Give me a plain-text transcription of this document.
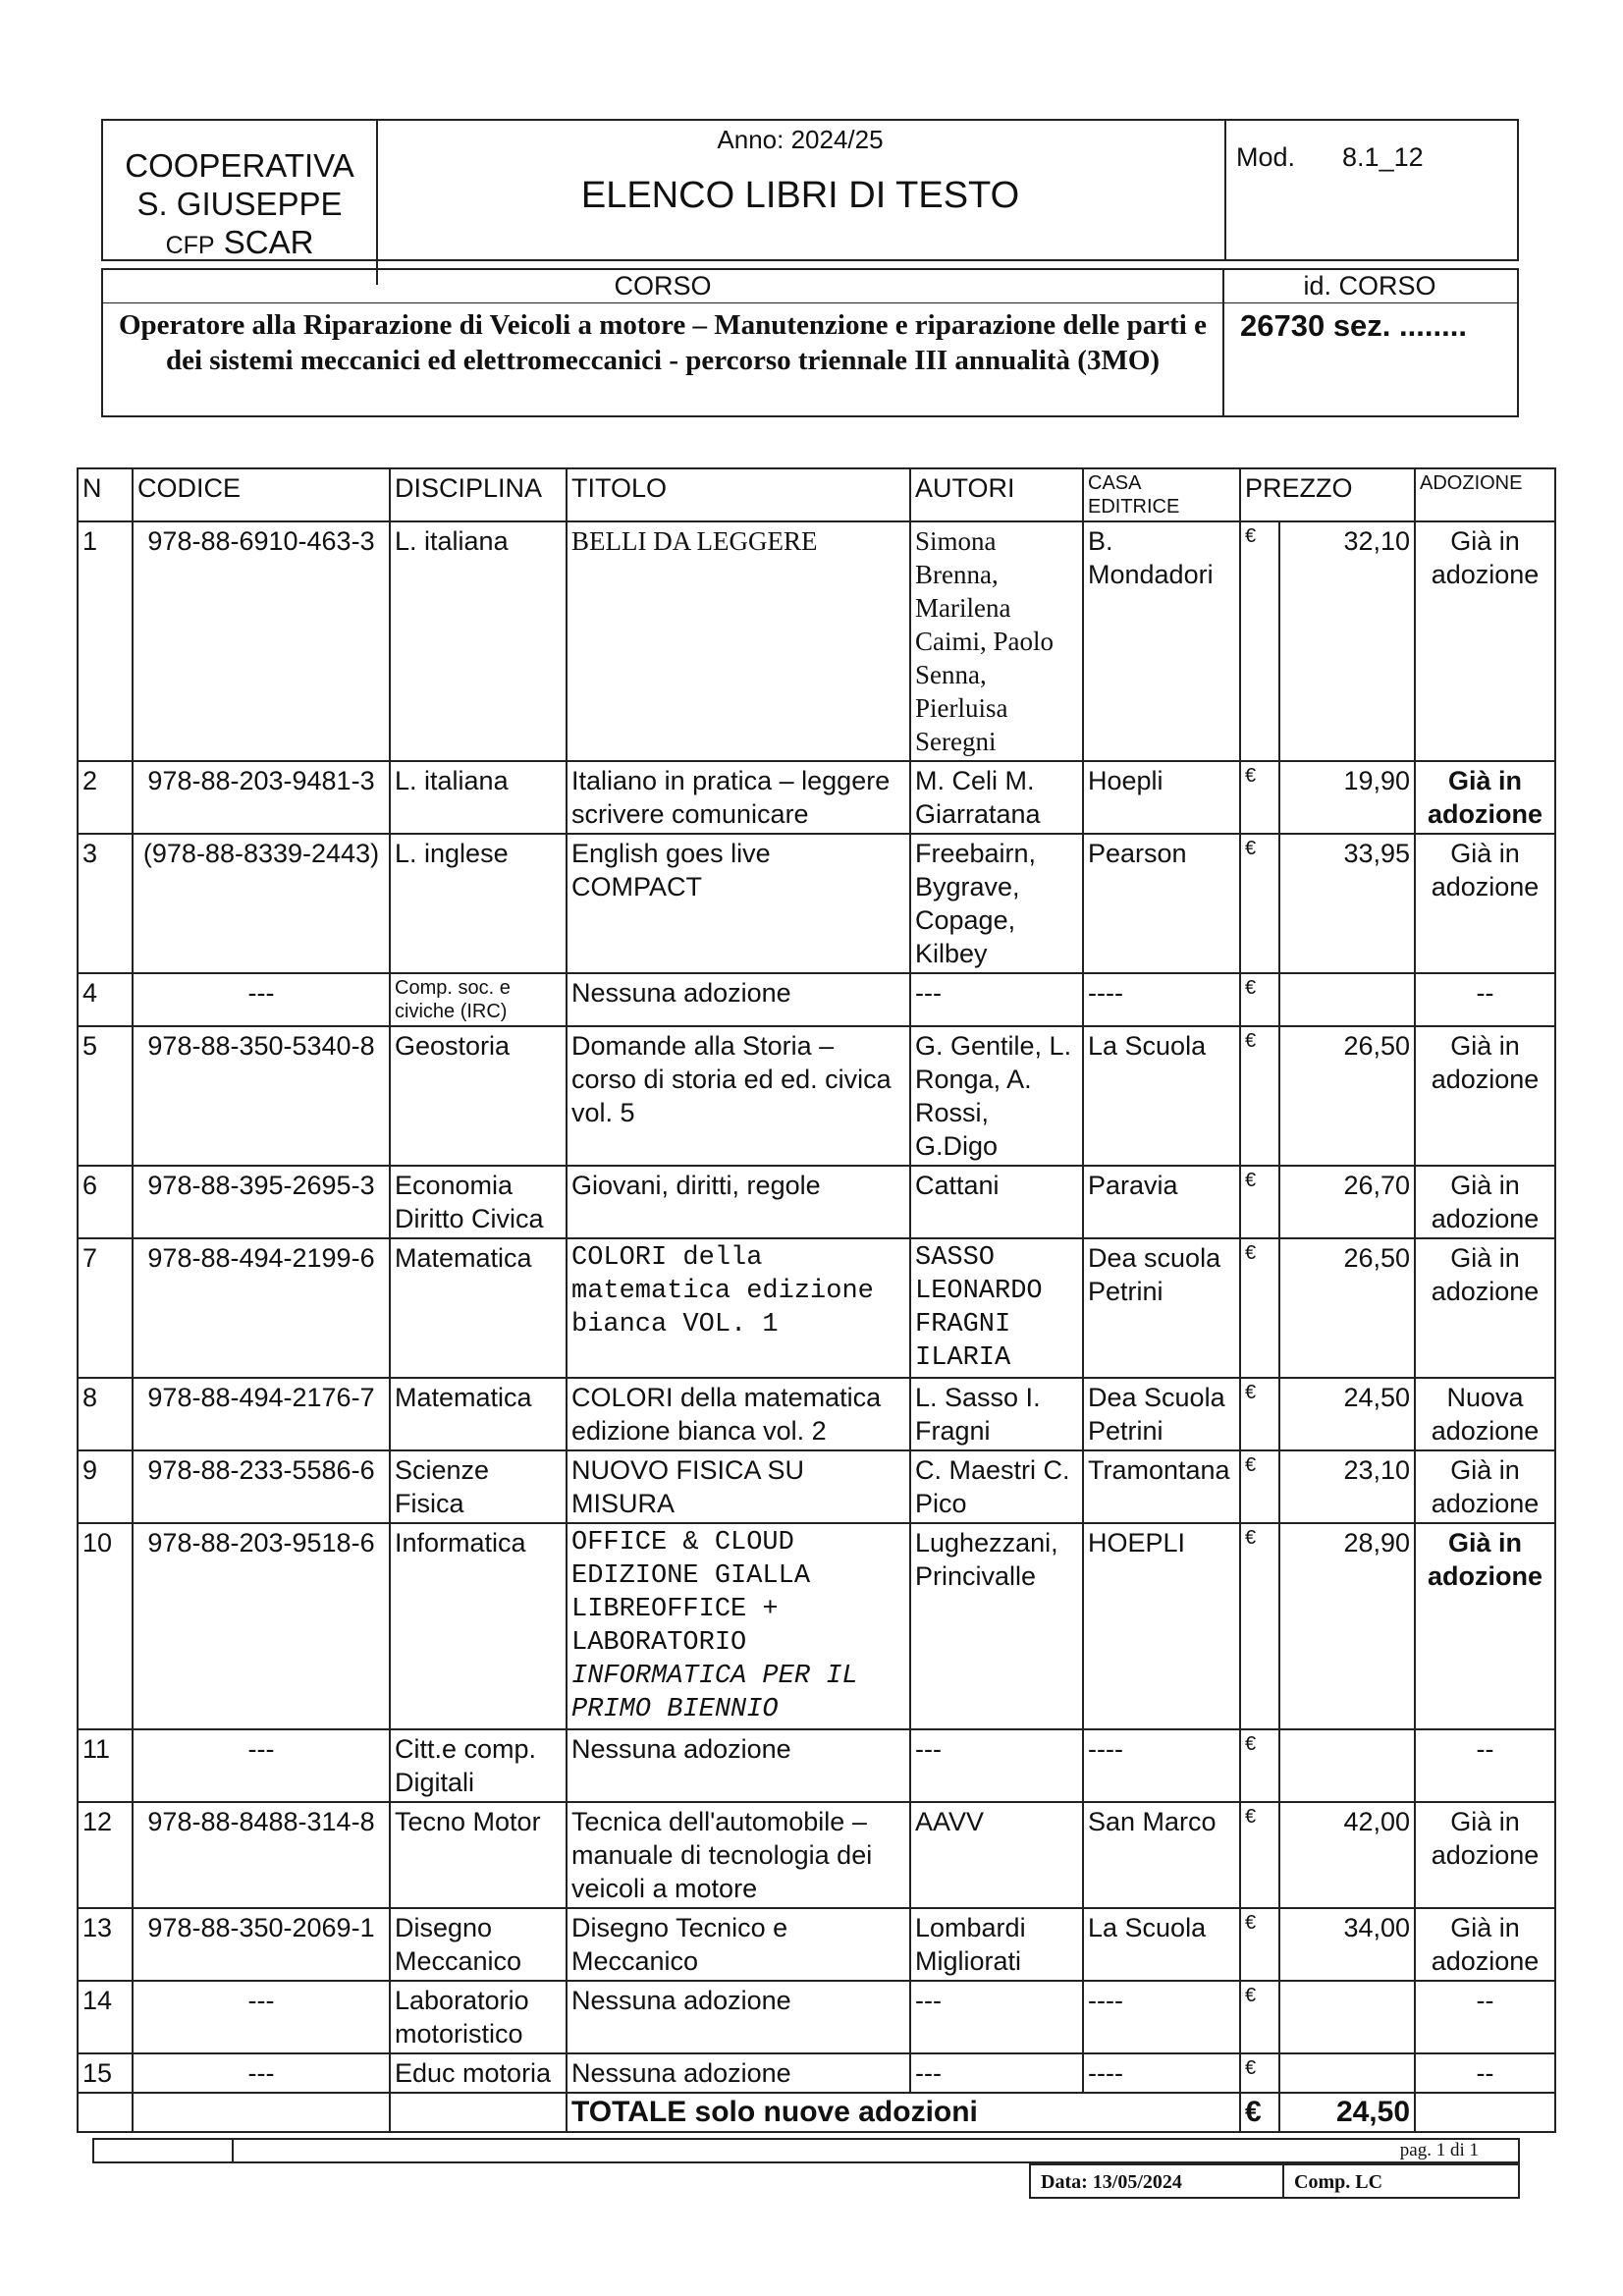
COOPERATIVA
S. GIUSEPPE
CFP SCAR
Anno: 2024/25
ELENCO LIBRI DI TESTO
Mod. 8.1_12
CORSO
Operatore alla Riparazione di Veicoli a motore – Manutenzione e riparazione delle parti e dei sistemi meccanici ed elettromeccanici - percorso triennale III annualità (3MO)
id. CORSO
26730 sez. ........
N	CODICE	DISCIPLINA	TITOLO	AUTORI	CASA EDITRICE	PREZZO		ADOZIONE
1	978-88-6910-463-3	L. italiana	BELLI DA LEGGERE	Simona Brenna, Marilena Caimi, Paolo Senna, Pierluisa Seregni	B. Mondadori	€	32,10	Già in adozione
2	978-88-203-9481-3	L. italiana	Italiano in pratica – leggere scrivere comunicare	M. Celi M. Giarratana	Hoepli	€	19,90	Già in adozione
3	(978-88-8339-2443)	L. inglese	English goes live COMPACT	Freebairn, Bygrave, Copage, Kilbey	Pearson	€	33,95	Già in adozione
4	---	Comp. soc. e civiche (IRC)	Nessuna adozione	---	----	€		--
5	978-88-350-5340-8	Geostoria	Domande alla Storia – corso di storia ed ed. civica vol. 5	G. Gentile, L. Ronga, A. Rossi, G.Digo	La Scuola	€	26,50	Già in adozione
6	978-88-395-2695-3	Economia Diritto Civica	Giovani, diritti, regole	Cattani	Paravia	€	26,70	Già in adozione
7	978-88-494-2199-6	Matematica	COLORI della matematica edizione bianca VOL. 1	SASSO LEONARDO FRAGNI ILARIA	Dea scuola Petrini	€	26,50	Già in adozione
8	978-88-494-2176-7	Matematica	COLORI della matematica edizione bianca vol. 2	L. Sasso I. Fragni	Dea Scuola Petrini	€	24,50	Nuova adozione
9	978-88-233-5586-6	Scienze Fisica	NUOVO FISICA SU MISURA	C. Maestri C. Pico	Tramontana	€	23,10	Già in adozione
10	978-88-203-9518-6	Informatica	OFFICE & CLOUD EDIZIONE GIALLA LIBREOFFICE + LABORATORIO
INFORMATICA PER IL PRIMO BIENNIO	Lughezzani, Princivalle	HOEPLI	€	28,90	Già in adozione
11	---	Citt.e comp. Digitali	Nessuna adozione	---	----	€		--
12	978-88-8488-314-8	Tecno Motor	Tecnica dell'automobile – manuale di tecnologia dei veicoli a motore	AAVV	San Marco	€	42,00	Già in adozione
13	978-88-350-2069-1	Disegno Meccanico	Disegno Tecnico e Meccanico	Lombardi Migliorati	La Scuola	€	34,00	Già in adozione
14	---	Laboratorio motoristico	Nessuna adozione	---	----	€		--
15	---	Educ motoria	Nessuna adozione	---	----	€		--
			TOTALE solo nuove adozioni			€	24,50	
pag. 1 di 1
Data: 13/05/2024	Comp. LC
